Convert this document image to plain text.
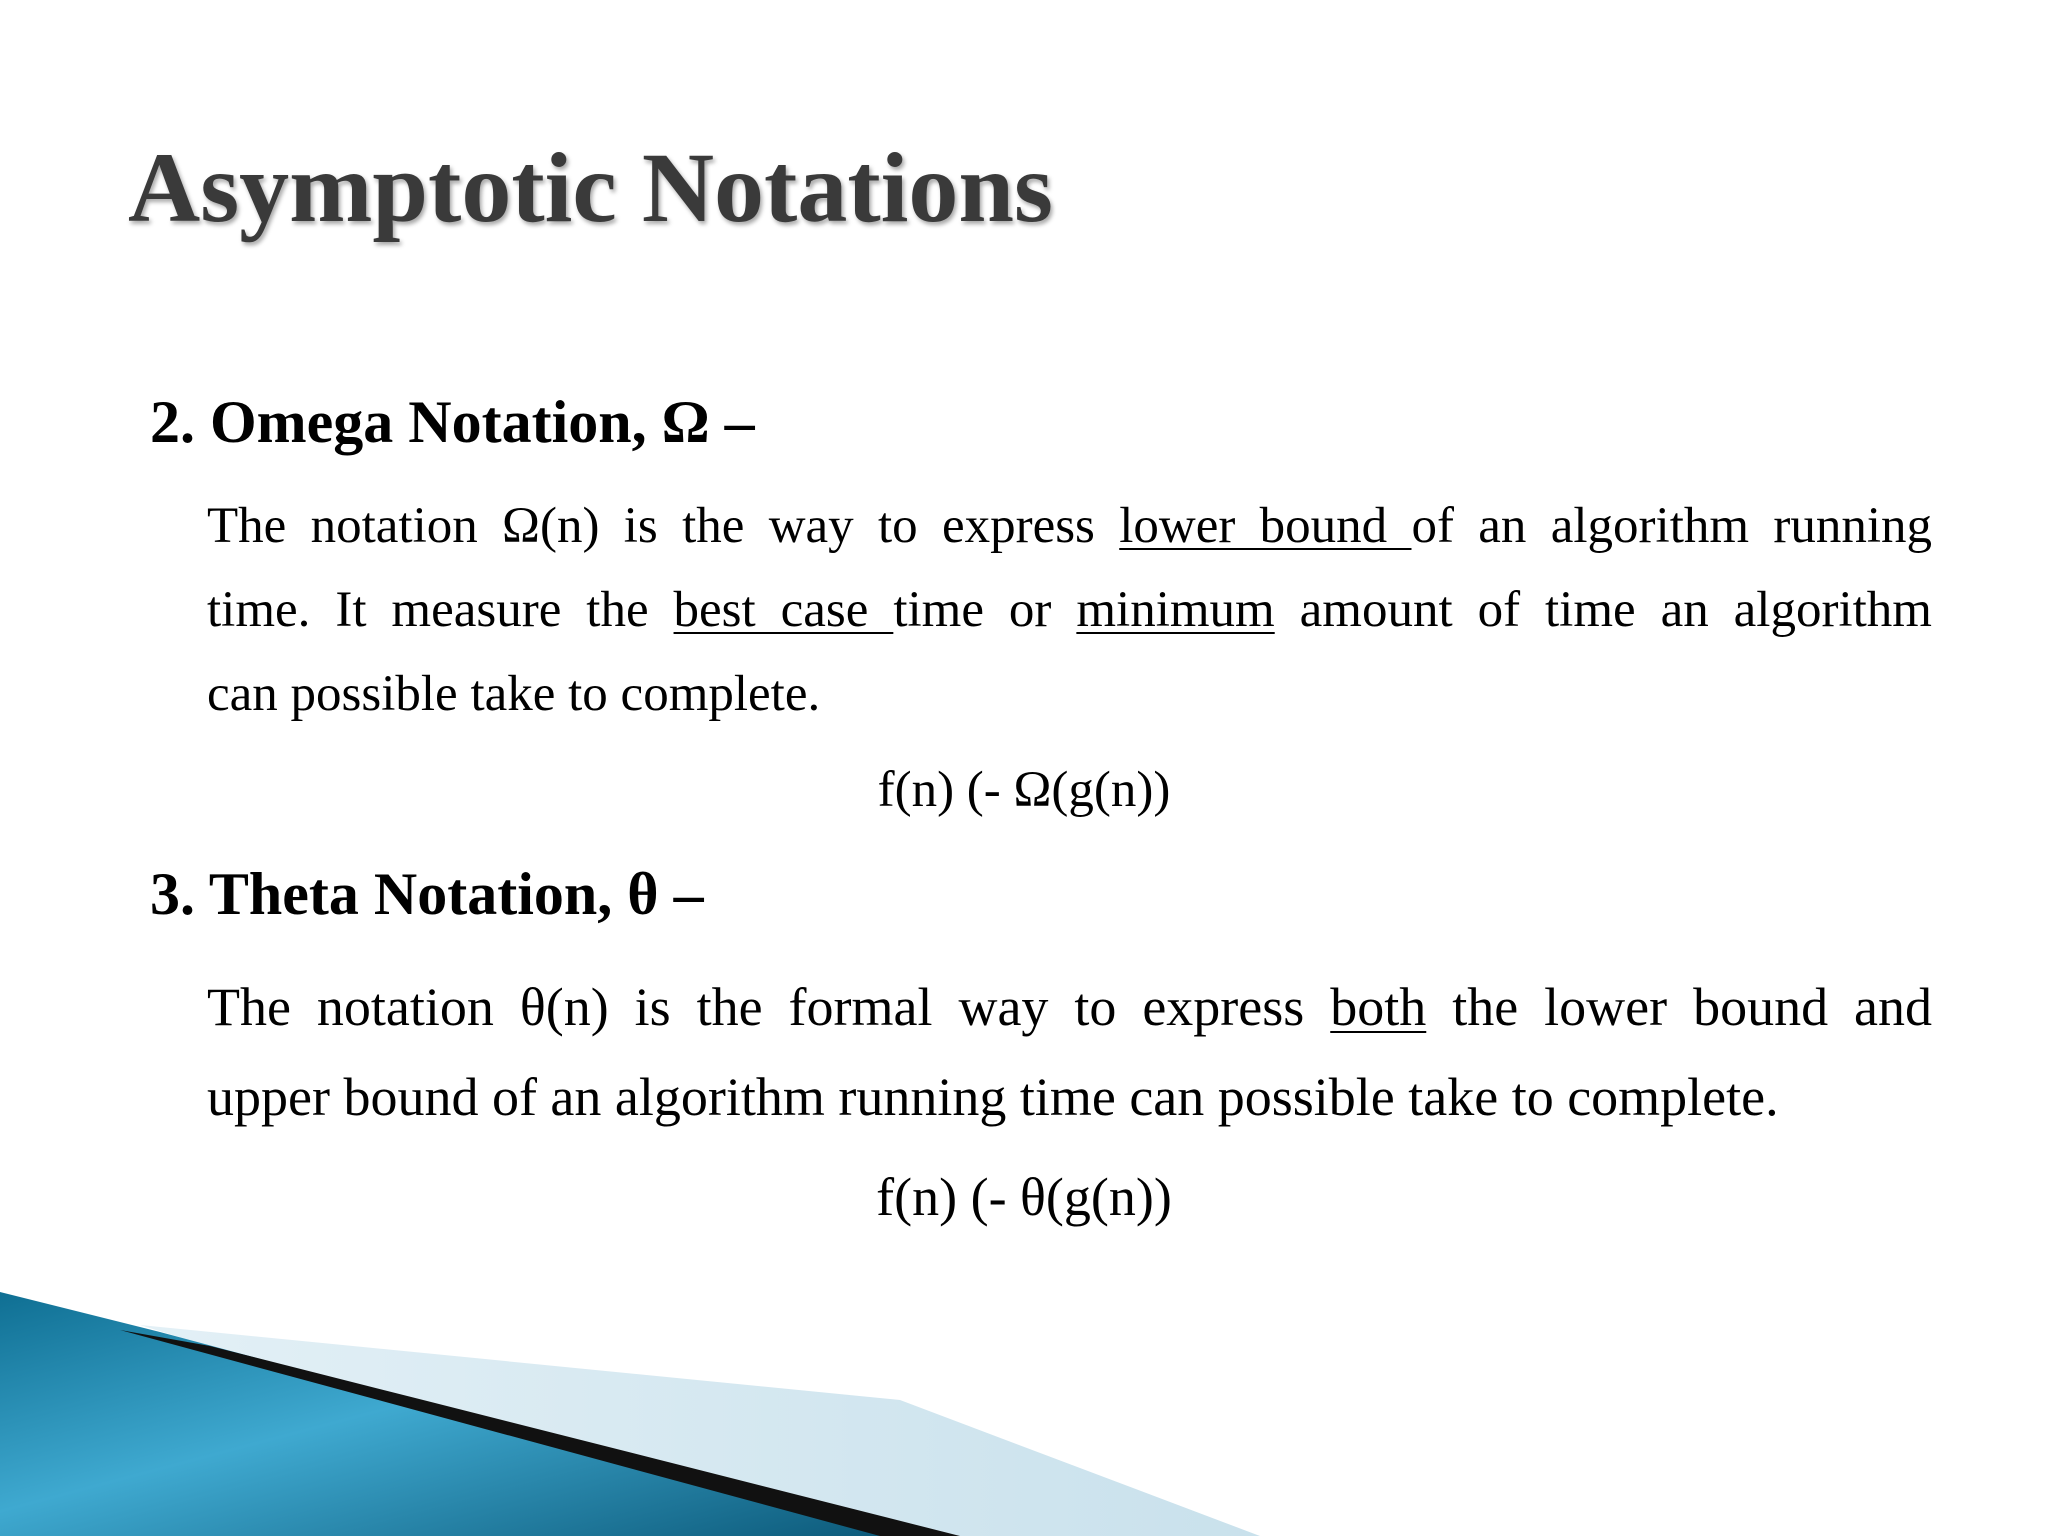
Asymptotic Notations
2. Omega Notation, Ω –

The notation Ω(n) is the way to express lower bound of an algorithm running
time. It measure the best case time or minimum amount of time an algorithm
can possible take to complete.

f(n) (- Ω(g(n))

3. Theta Notation, θ –

The notation θ(n) is the formal way to express both the lower bound and
upper bound of an algorithm running time can possible take to complete.

f(n) (- θ(g(n))
